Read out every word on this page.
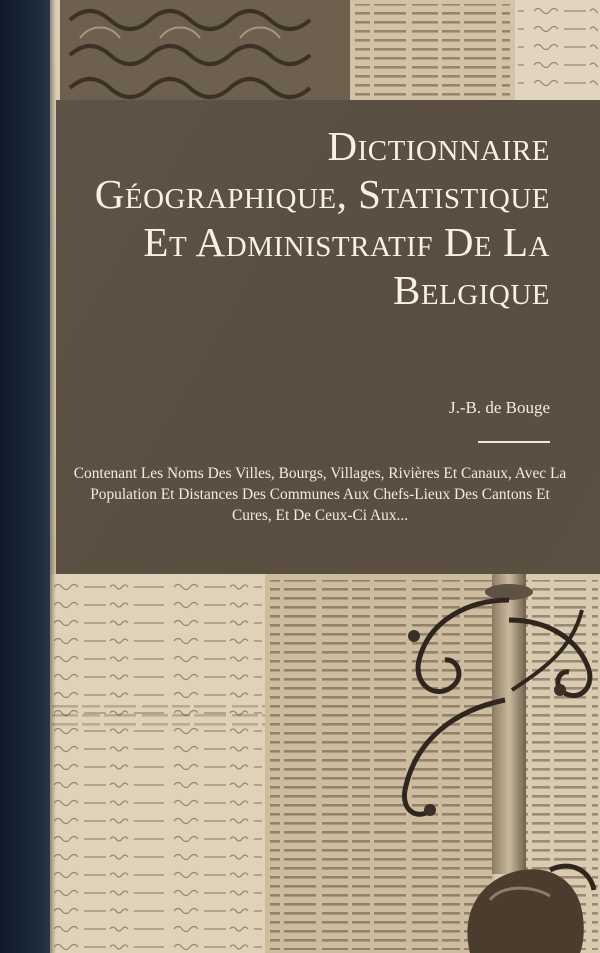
Dictionnaire Géographique, Statistique Et Administratif De La Belgique
J.-B. de Bouge

Contenant Les Noms Des Villes, Bourgs, Villages, Rivières Et Canaux, Avec La Population Et Distances Des Communes Aux Chefs-Lieux Des Cantons Et Cures, Et De Ceux-Ci Aux...
